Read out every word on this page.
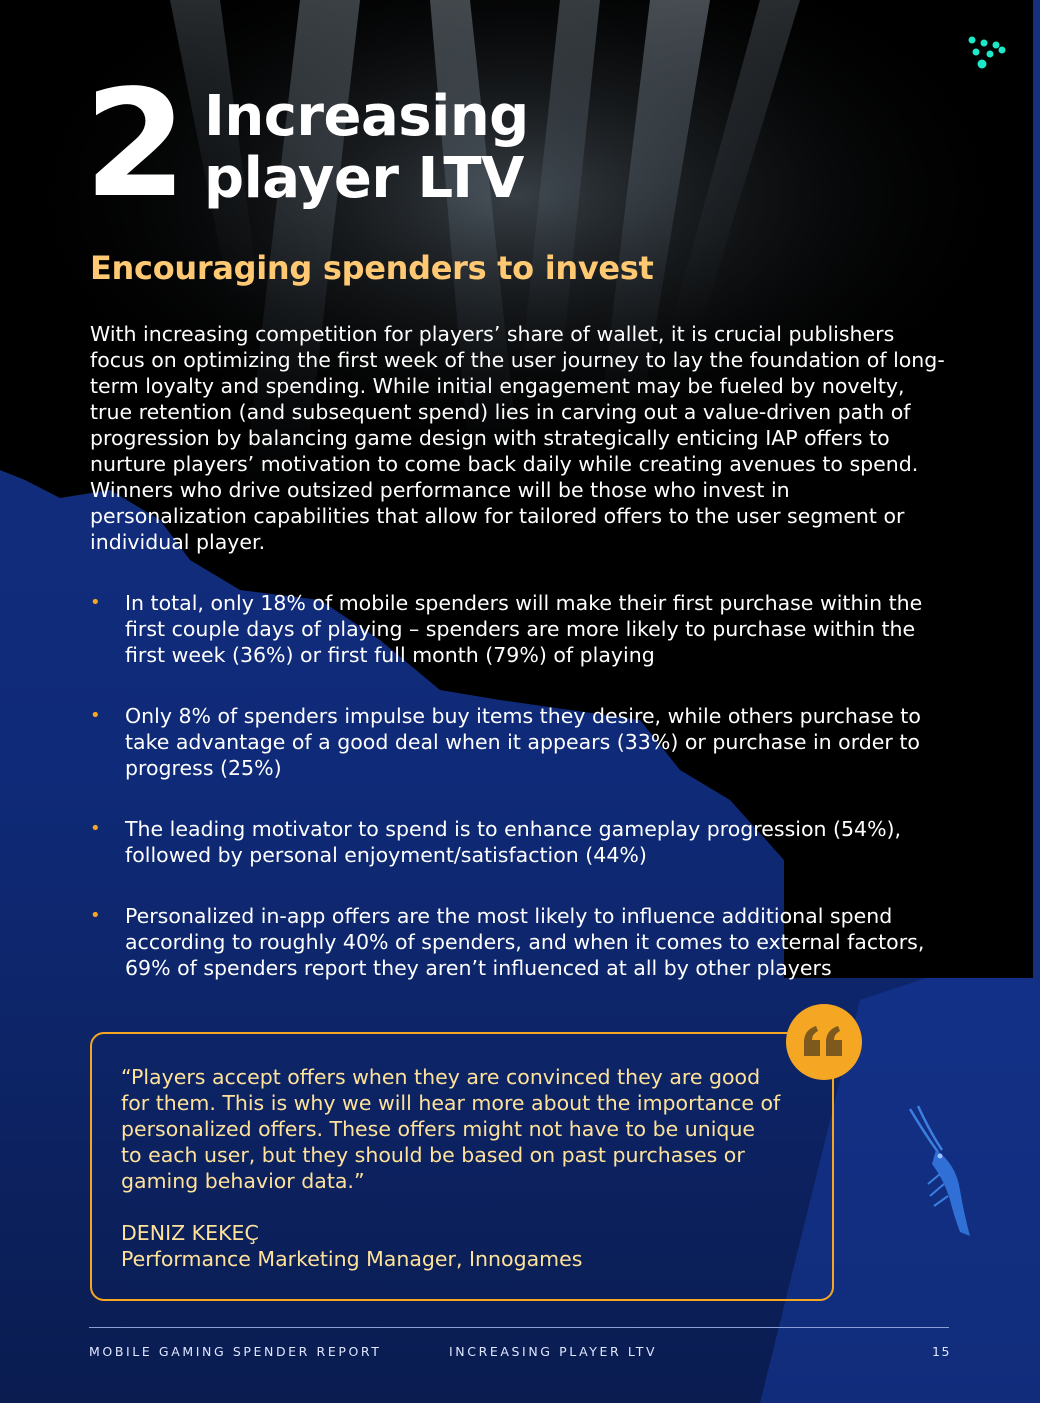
2 Increasing
player LTV
Encouraging spenders to invest

With increasing competition for players’ share of wallet, it is crucial publishers focus on optimizing the first week of the user journey to lay the foundation of long-term loyalty and spending. While initial engagement may be fueled by novelty, true retention (and subsequent spend) lies in carving out a value-driven path of progression by balancing game design with strategically enticing IAP offers to nurture players’ motivation to come back daily while creating avenues to spend. Winners who drive outsized performance will be those who invest in personalization capabilities that allow for tailored offers to the user segment or individual player.

• In total, only 18% of mobile spenders will make their first purchase within the first couple days of playing – spenders are more likely to purchase within the first week (36%) or first full month (79%) of playing
• Only 8% of spenders impulse buy items they desire, while others purchase to take advantage of a good deal when it appears (33%) or purchase in order to progress (25%)
• The leading motivator to spend is to enhance gameplay progression (54%), followed by personal enjoyment/satisfaction (44%)
• Personalized in-app offers are the most likely to influence additional spend according to roughly 40% of spenders, and when it comes to external factors, 69% of spenders report they aren’t influenced at all by other players

“Players accept offers when they are convinced they are good for them. This is why we will hear more about the importance of personalized offers. These offers might not have to be unique to each user, but they should be based on past purchases or gaming behavior data.”

DENIZ KEKEÇ

Performance Marketing Manager, Innogames

MOBILE GAMING SPENDER REPORT	INCREASING PLAYER LTV	15
